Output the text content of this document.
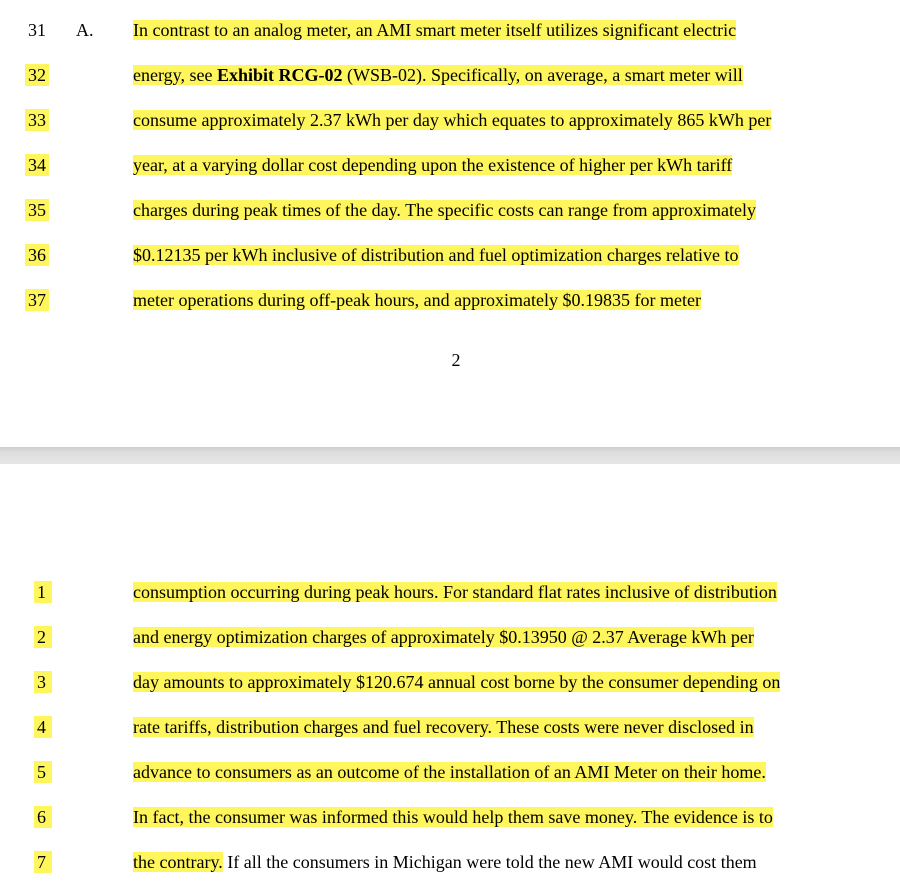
31 A. In contrast to an analog meter, an AMI smart meter itself utilizes significant electric
32	energy, see Exhibit RCG-02 (WSB-02). Specifically, on average, a smart meter will
33	consume approximately 2.37 kWh per day which equates to approximately 865 kWh per
34	year, at a varying dollar cost depending upon the existence of higher per kWh tariff
35	charges during peak times of the day. The specific costs can range from approximately
36	$0.12135 per kWh inclusive of distribution and fuel optimization charges relative to
37	meter operations during off-peak hours, and approximately $0.19835 for meter
2
1	consumption occurring during peak hours. For standard flat rates inclusive of distribution
2	and energy optimization charges of approximately $0.13950 @ 2.37 Average kWh per
3	day amounts to approximately $120.674 annual cost borne by the consumer depending on
4	rate tariffs, distribution charges and fuel recovery. These costs were never disclosed in
5	advance to consumers as an outcome of the installation of an AMI Meter on their home.
6	In fact, the consumer was informed this would help them save money. The evidence is to
7	the contrary. If all the consumers in Michigan were told the new AMI would cost them
